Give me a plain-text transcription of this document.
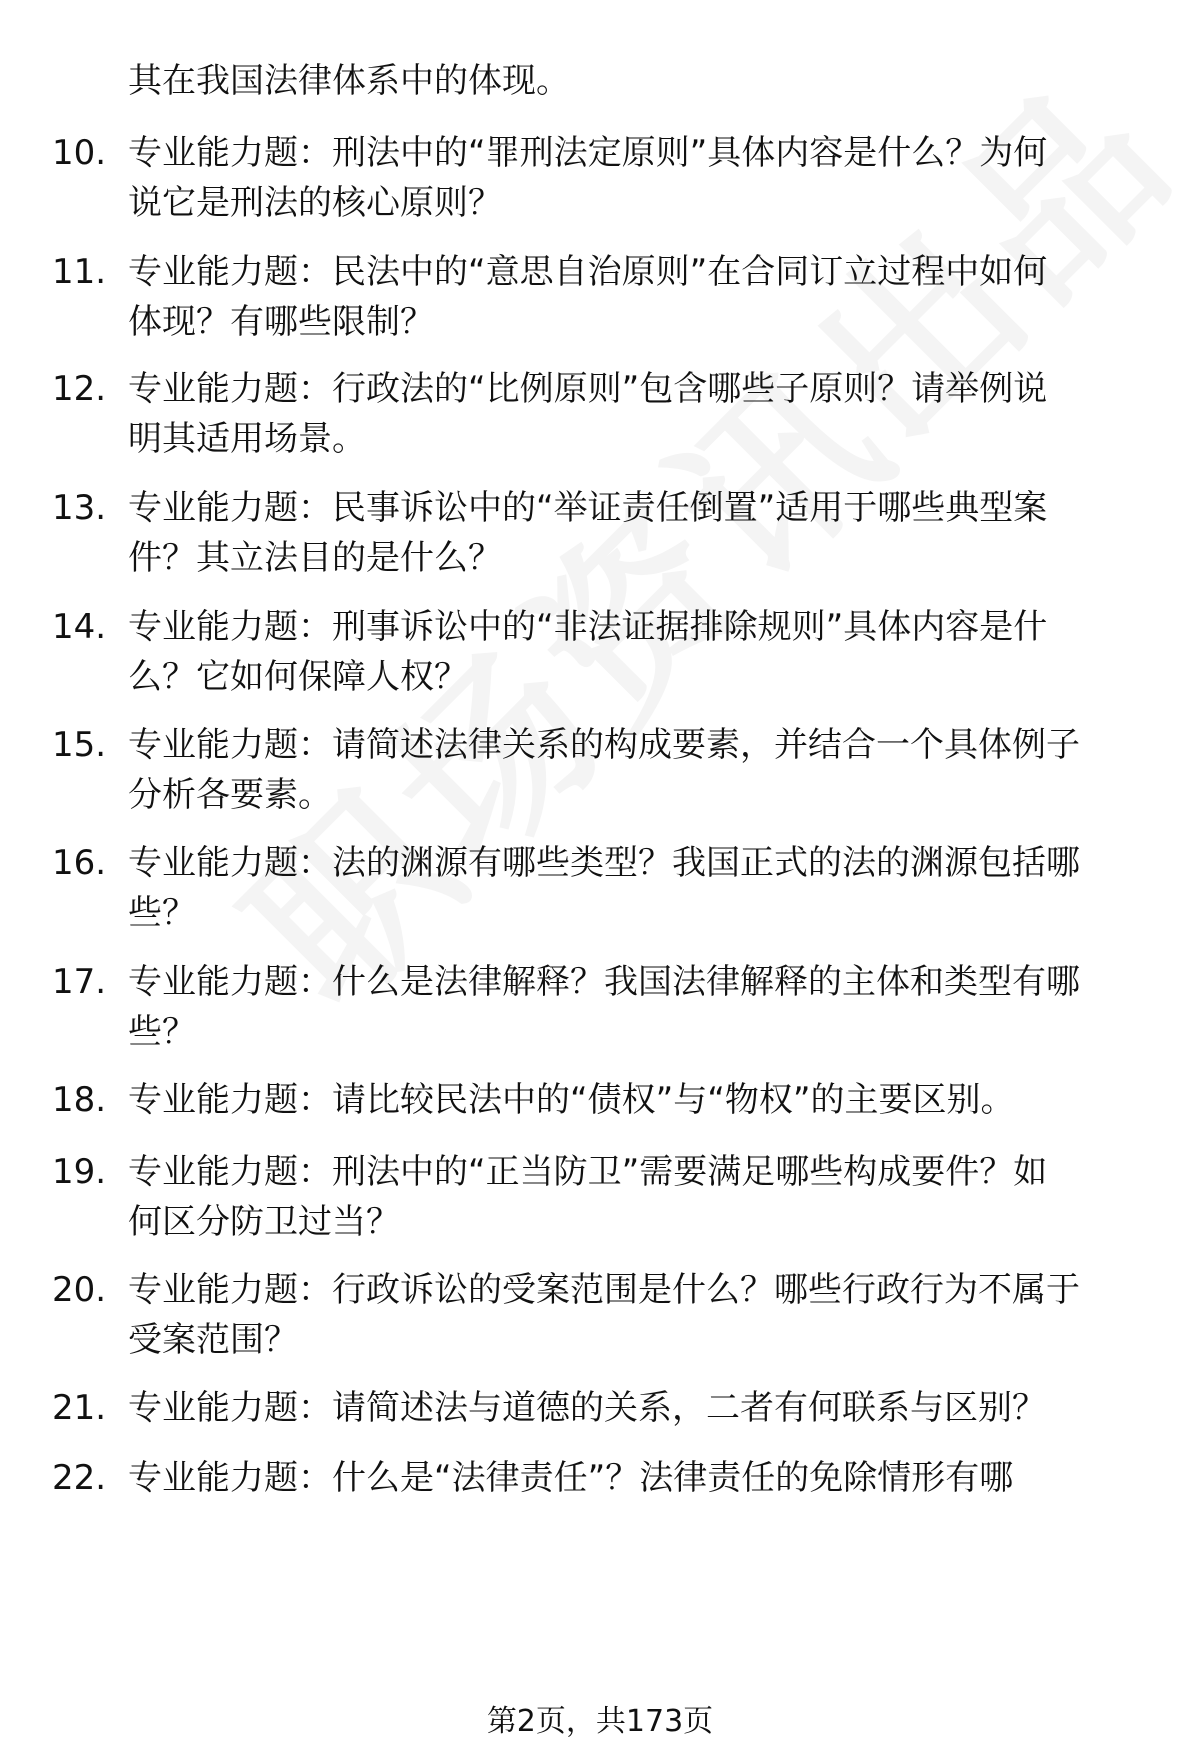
其在我国法律体系中的体现。
10. 专业能力题：刑法中的“罪刑法定原则”具体内容是什么？为何
说它是刑法的核心原则？
11. 专业能力题：民法中的“意思自治原则”在合同订立过程中如何
体现？有哪些限制？
12. 专业能力题：行政法的“比例原则”包含哪些子原则？请举例说
明其适用场景。
13. 专业能力题：民事诉讼中的“举证责任倒置”适用于哪些典型案
件？其立法目的是什么？
14. 专业能力题：刑事诉讼中的“非法证据排除规则”具体内容是什
么？它如何保障人权？
15. 专业能力题：请简述法律关系的构成要素，并结合一个具体例子
分析各要素。
16. 专业能力题：法的渊源有哪些类型？我国正式的法的渊源包括哪
些？
17. 专业能力题：什么是法律解释？我国法律解释的主体和类型有哪
些？
18. 专业能力题：请比较民法中的“债权”与“物权”的主要区别。
19. 专业能力题：刑法中的“正当防卫”需要满足哪些构成要件？如
何区分防卫过当？
20. 专业能力题：行政诉讼的受案范围是什么？哪些行政行为不属于
受案范围？
21. 专业能力题：请简述法与道德的关系，二者有何联系与区别？
22. 专业能力题：什么是“法律责任”？法律责任的免除情形有哪
第2页，共173页
